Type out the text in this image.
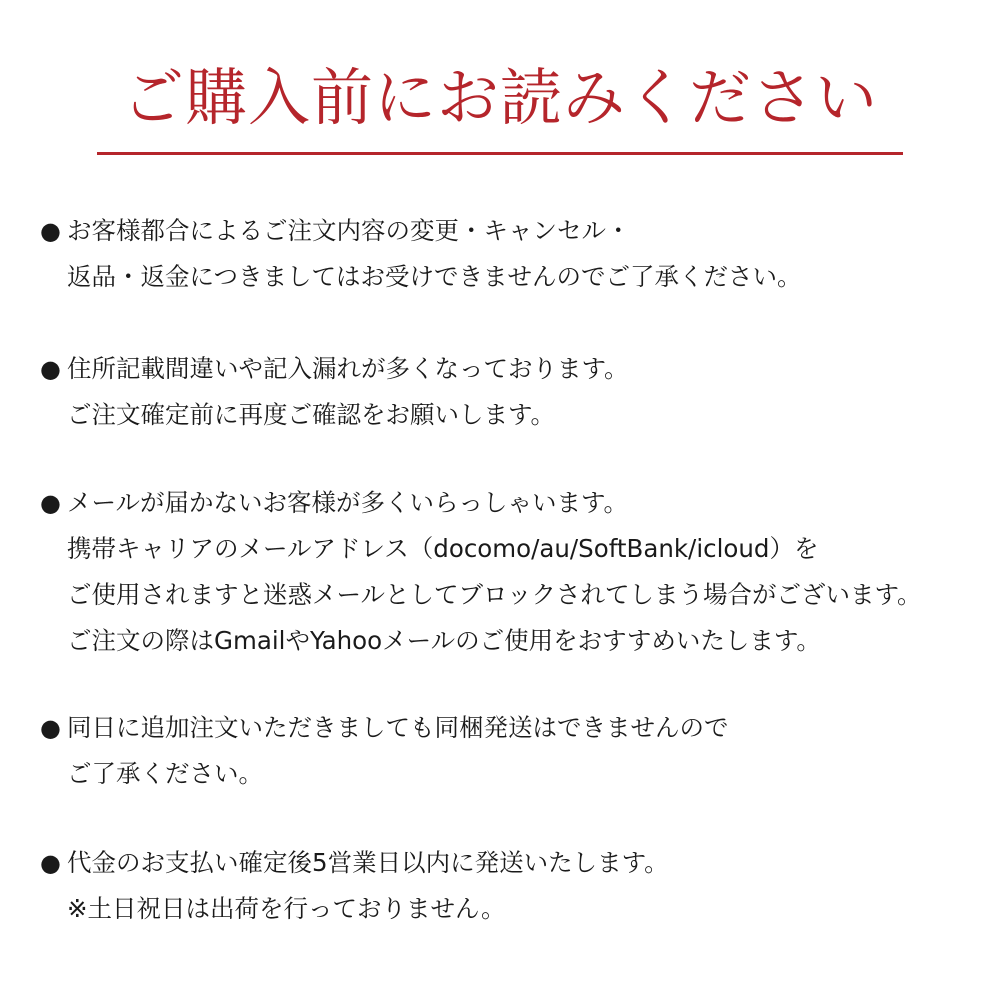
ご購入前にお読みください
● お客様都合によるご注文内容の変更・キャンセル・
返品・返金につきましてはお受けできませんのでご了承ください。
● 住所記載間違いや記入漏れが多くなっております。
ご注文確定前に再度ご確認をお願いします。
● メールが届かないお客様が多くいらっしゃいます。
携帯キャリアのメールアドレス（docomo/au/SoftBank/icloud）を
ご使用されますと迷惑メールとしてブロックされてしまう場合がございます。
ご注文の際はGmailやYahooメールのご使用をおすすめいたします。
● 同日に追加注文いただきましても同梱発送はできませんので
ご了承ください。
● 代金のお支払い確定後5営業日以内に発送いたします。
※土日祝日は出荷を行っておりません。
